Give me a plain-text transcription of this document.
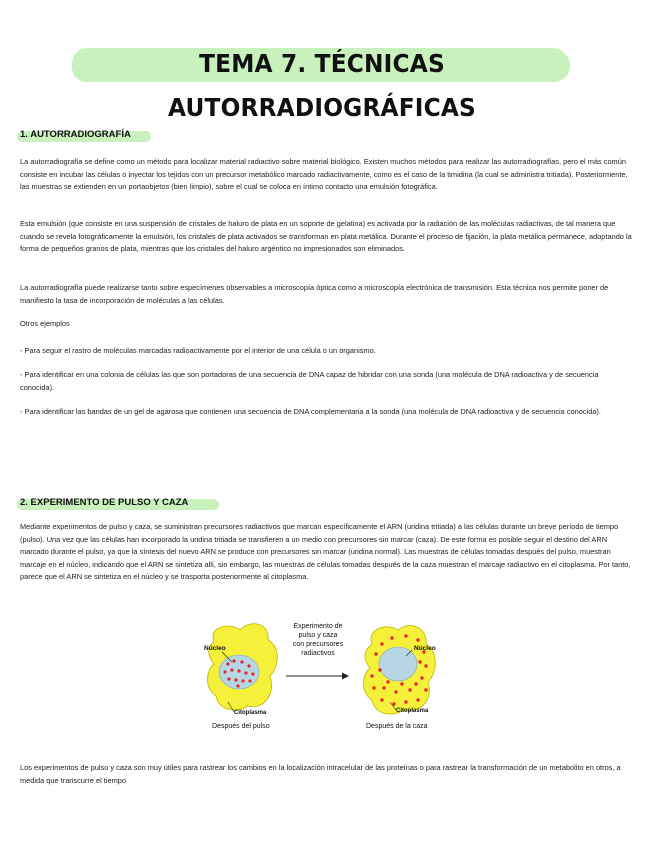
TEMA 7. TÉCNICAS AUTORRADIOGRÁFICAS
1. AUTORRADIOGRAFÍA

La autorradiografía se define como un método para localizar material radiactivo sobre material biológico. Existen muchos métodos para realizar las autorradiografías, pero el más común consiste en incubar las células o inyectar los tejidos con un precursor metabólico marcado radiactivamente, como es el caso de la timidina (la cual se administra tritiada). Posteriormente, las muestras se extienden en un portaobjetos (bien limpio), sobre el cual se coloca en íntimo contacto una emulsión fotográfica.

Esta emulsión (que consiste en una suspensión de cristales de haluro de plata en un soporte de gelatina) es activada por la radiación de las moléculas radiactivas, de tal manera que cuando se revela fotográficamente la emulsión, los cristales de plata activados se transforman en plata metálica. Durante el proceso de fijación, la plata metálica permanece, adoptando la forma de pequeños granos de plata, mientras que los cristales del haluro argéntico no impresionados son eliminados.

La autorradiografía puede realizarse tanto sobre especímenes observables a microscopía óptica como a microscopía electrónica de transmisión. Esta técnica nos permite poner de manifiesto la tasa de incorporación de moléculas a las células.

Otros ejemplos

- Para seguir el rastro de moléculas marcadas radioactivamente por el interior de una célula o un organismo.

- Para identificar en una colonia de células las que son portadoras de una secuencia de DNA capaz de hibridar con una sonda (una molécula de DNA radioactiva y de secuencia conocida).

- Para identificar las bandas de un gel de agarosa que contienen una secuencia de DNA complementaria a la sonda (una molécula de DNA radioactiva y de secuencia conocida).

2. EXPERIMENTO DE PULSO Y CAZA

Mediante experimentos de pulso y caza, se suministran precursores radiactivos que marcan específicamente el ARN (uridina tritiada) a las células durante un breve período de tiempo (pulso). Una vez que las células han incorporado la uridina tritiada se transfieren a un medio con precursores sin marcar (caza). De este forma es posible seguir el destino del ARN marcado durante el pulso, ya que la síntesis del nuevo ARN se produce con precursores sin marcar (uridina normal). Las muestras de células tomadas después del pulso, muestran marcaje en el núcleo, indicando que el ARN se sintetiza allí, sin embargo, las muestras de células tomadas después de la caza muestran el marcaje radiactivo en el citoplasma. Por tanto, parece que el ARN se sintetiza en el núcleo y se trasporta posteriormente al citoplasma.

Núcleo
Citoplasma
Después del pulso
Experimento de
pulso y caza
con precursores
radiactivos
Núcleo
Citoplasma
Después de la caza

Los experimentos de pulso y caza son muy útiles para rastrear los cambios en la localización intracelular de las proteínas o para rastrear la transformación de un metabolito en otros, a medida que transcurre el tiempo
